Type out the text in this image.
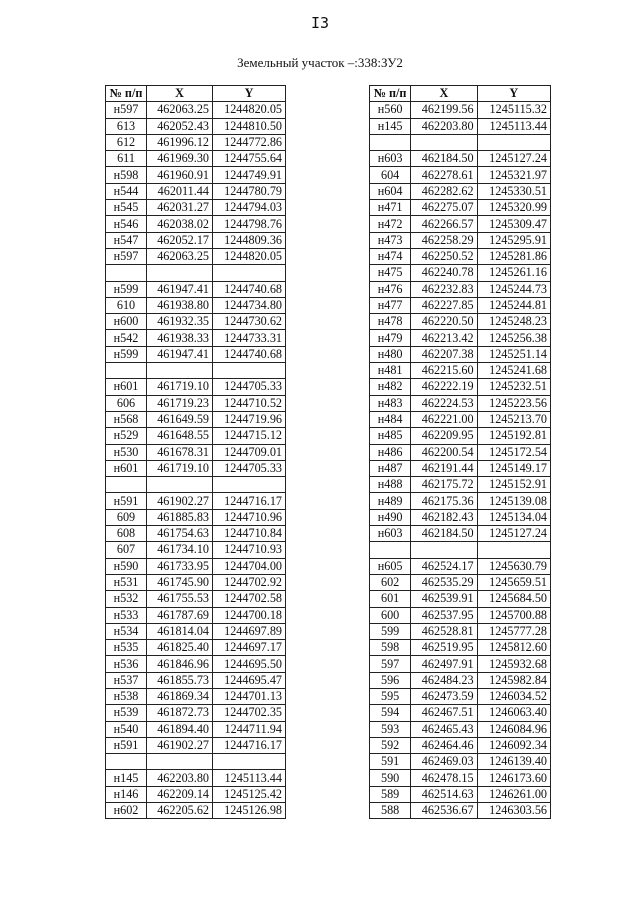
I3
Земельный участок –:338:ЗУ2
№ п/п	X	Y
н597	462063.25	1244820.05
613	462052.43	1244810.50
612	461996.12	1244772.86
611	461969.30	1244755.64
н598	461960.91	1244749.91
н544	462011.44	1244780.79
н545	462031.27	1244794.03
н546	462038.02	1244798.76
н547	462052.17	1244809.36
н597	462063.25	1244820.05

н599	461947.41	1244740.68
610	461938.80	1244734.80
н600	461932.35	1244730.62
н542	461938.33	1244733.31
н599	461947.41	1244740.68

н601	461719.10	1244705.33
606	461719.23	1244710.52
н568	461649.59	1244719.96
н529	461648.55	1244715.12
н530	461678.31	1244709.01
н601	461719.10	1244705.33

н591	461902.27	1244716.17
609	461885.83	1244710.96
608	461754.63	1244710.84
607	461734.10	1244710.93
н590	461733.95	1244704.00
н531	461745.90	1244702.92
н532	461755.53	1244702.58
н533	461787.69	1244700.18
н534	461814.04	1244697.89
н535	461825.40	1244697.17
н536	461846.96	1244695.50
н537	461855.73	1244695.47
н538	461869.34	1244701.13
н539	461872.73	1244702.35
н540	461894.40	1244711.94
н591	461902.27	1244716.17

н145	462203.80	1245113.44
н146	462209.14	1245125.42
н602	462205.62	1245126.98
№ п/п	X	Y
н560	462199.56	1245115.32
н145	462203.80	1245113.44

н603	462184.50	1245127.24
604	462278.61	1245321.97
н604	462282.62	1245330.51
н471	462275.07	1245320.99
н472	462266.57	1245309.47
н473	462258.29	1245295.91
н474	462250.52	1245281.86
н475	462240.78	1245261.16
н476	462232.83	1245244.73
н477	462227.85	1245244.81
н478	462220.50	1245248.23
н479	462213.42	1245256.38
н480	462207.38	1245251.14
н481	462215.60	1245241.68
н482	462222.19	1245232.51
н483	462224.53	1245223.56
н484	462221.00	1245213.70
н485	462209.95	1245192.81
н486	462200.54	1245172.54
н487	462191.44	1245149.17
н488	462175.72	1245152.91
н489	462175.36	1245139.08
н490	462182.43	1245134.04
н603	462184.50	1245127.24

н605	462524.17	1245630.79
602	462535.29	1245659.51
601	462539.91	1245684.50
600	462537.95	1245700.88
599	462528.81	1245777.28
598	462519.95	1245812.60
597	462497.91	1245932.68
596	462484.23	1245982.84
595	462473.59	1246034.52
594	462467.51	1246063.40
593	462465.43	1246084.96
592	462464.46	1246092.34
591	462469.03	1246139.40
590	462478.15	1246173.60
589	462514.63	1246261.00
588	462536.67	1246303.56
